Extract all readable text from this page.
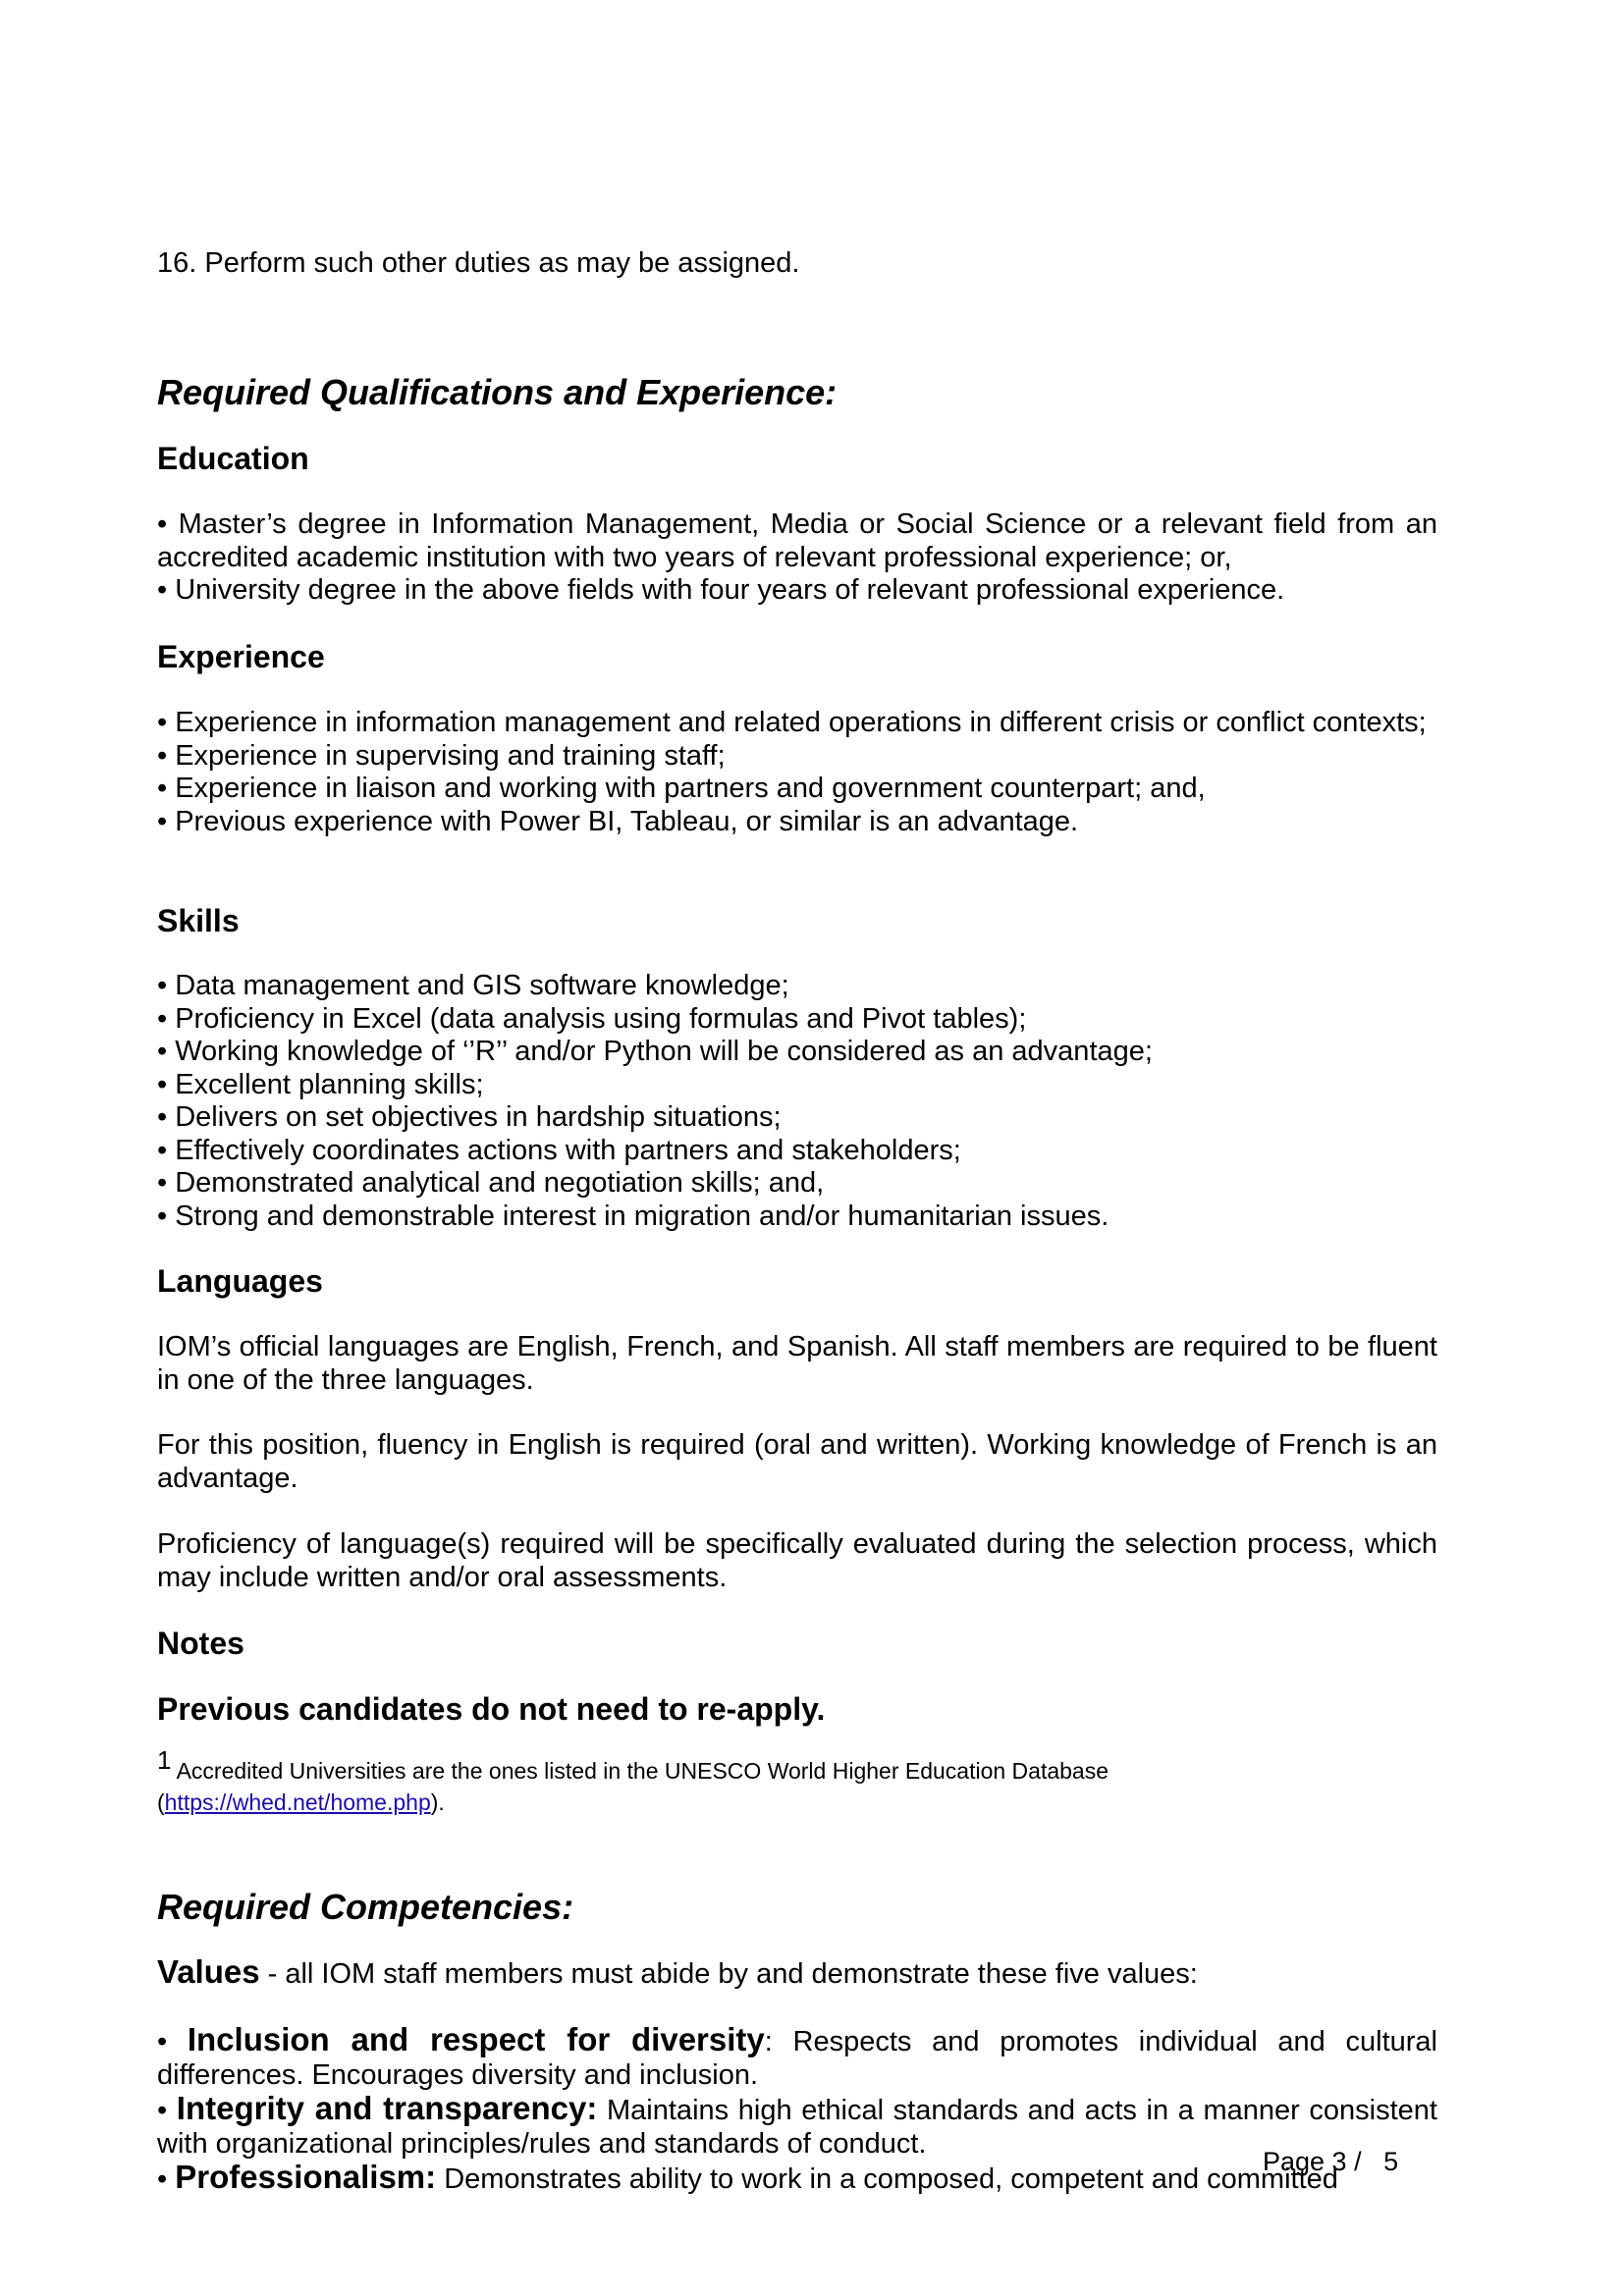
16. Perform such other duties as may be assigned.

Required Qualifications and Experience:

Education

• Master’s degree in Information Management, Media or Social Science or a relevant field from an accredited academic institution with two years of relevant professional experience; or,
• University degree in the above fields with four years of relevant professional experience.

Experience

• Experience in information management and related operations in different crisis or conflict contexts;
• Experience in supervising and training staff;
• Experience in liaison and working with partners and government counterpart; and,
• Previous experience with Power BI, Tableau, or similar is an advantage.

Skills

• Data management and GIS software knowledge;
• Proficiency in Excel (data analysis using formulas and Pivot tables);
• Working knowledge of ‘’R’’ and/or Python will be considered as an advantage;
• Excellent planning skills;
• Delivers on set objectives in hardship situations;
• Effectively coordinates actions with partners and stakeholders;
• Demonstrated analytical and negotiation skills; and,
• Strong and demonstrable interest in migration and/or humanitarian issues.

Languages

IOM’s official languages are English, French, and Spanish. All staff members are required to be fluent in one of the three languages.

For this position, fluency in English is required (oral and written). Working knowledge of French is an advantage.

Proficiency of language(s) required will be specifically evaluated during the selection process, which may include written and/or oral assessments.

Notes

Previous candidates do not need to re-apply.

$^1$ Accredited Universities are the ones listed in the UNESCO World Higher Education Database
(https://whed.net/home.php).

Required Competencies:

Values - all IOM staff members must abide by and demonstrate these five values:

• Inclusion and respect for diversity: Respects and promotes individual and cultural differences. Encourages diversity and inclusion.
• Integrity and transparency: Maintains high ethical standards and acts in a manner consistent with organizational principles/rules and standards of conduct.
• Professionalism: Demonstrates ability to work in a composed, competent and committed
Page 3 /   5
